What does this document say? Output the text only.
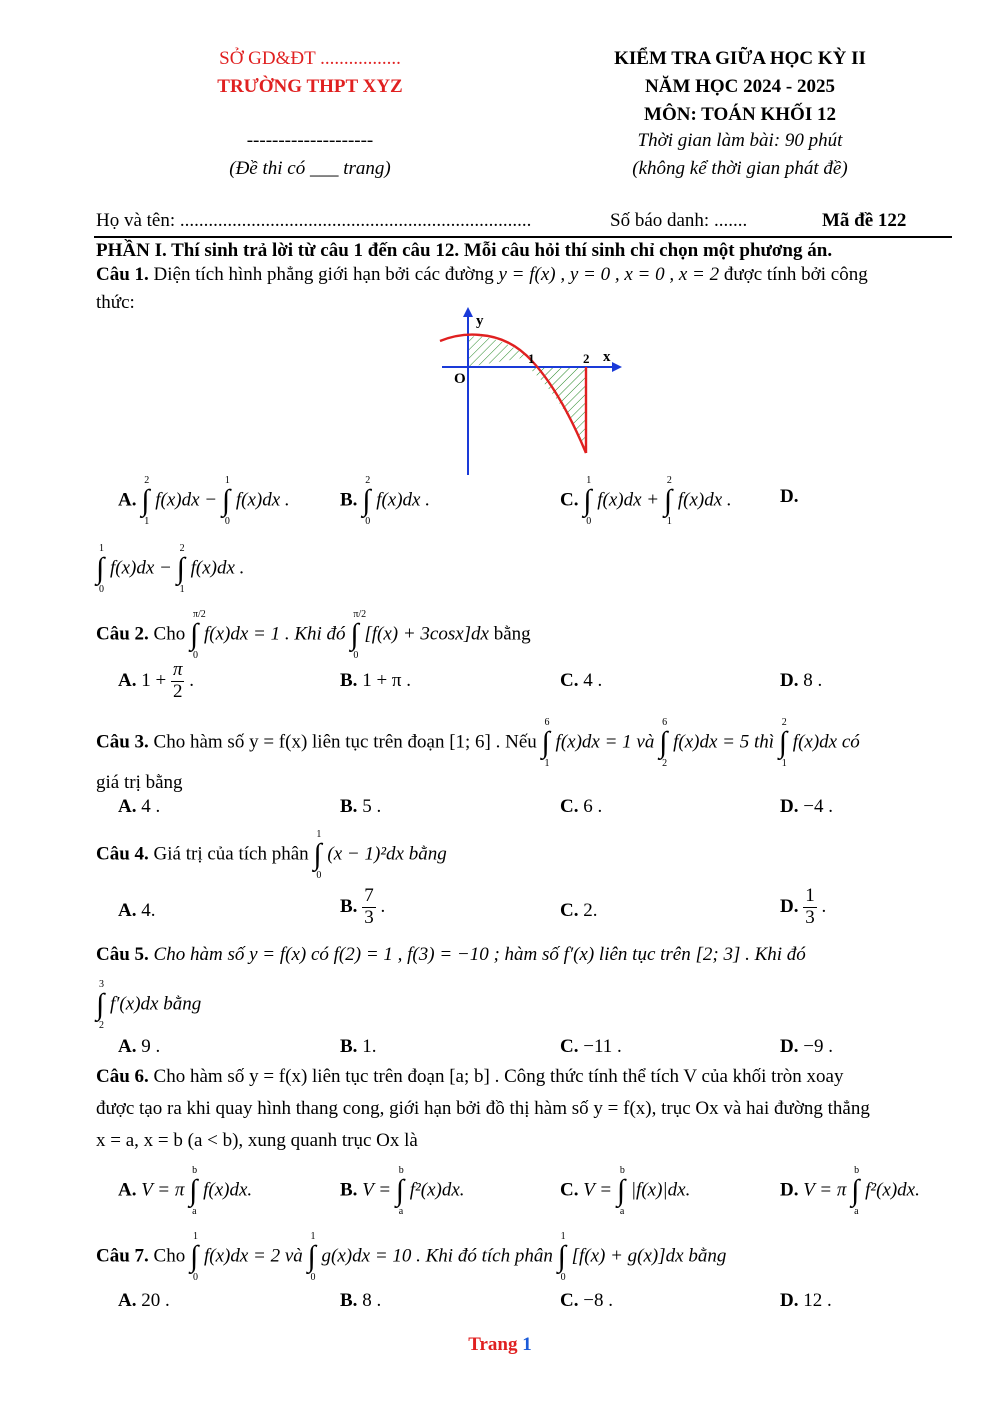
SỞ GD&ĐT .................
TRƯỜNG THPT XYZ
--------------------
(Đề thi có ___ trang)
KIỂM TRA GIỮA HỌC KỲ II
NĂM HỌC 2024 - 2025
MÔN: TOÁN KHỐI 12
Thời gian làm bài: 90 phút
(không kể thời gian phát đề)
Họ và tên: ..........................................................................	Số báo danh: .......	Mã đề 122
PHẦN I. Thí sinh trả lời từ câu 1 đến câu 12. Mỗi câu hỏi thí sinh chỉ chọn một phương án.
Câu 1. Diện tích hình phẳng giới hạn bởi các đường y = f(x) , y = 0 , x = 0 , x = 2 được tính bởi công
thức:
y
x
O
1	2
A.
2
∫
1
f(x)dx −
1
∫
0
f(x)dx .	B.
2
∫
0
f(x)dx .	C.
1
∫
0
f(x)dx +
2
∫
1
f(x)dx .	D.
1
∫
0
f(x)dx −
2
∫
1
f(x)dx .
Câu 2. Cho
π/2
∫
0
f(x)dx = 1 . Khi đó
π/2
∫
0
[f(x) + 3cosx]dx bằng
A. $1 + \frac{\pi}{2}$ .	B. 1 + π .	C. 4 .	D. 8 .
Câu 3. Cho hàm số y = f(x) liên tục trên đoạn [1; 6] . Nếu
6
∫
1
f(x)dx = 1 và
6
∫
2
f(x)dx = 5 thì
2
∫
1
f(x)dx có
giá trị bằng
A. 4 .	B. 5 .	C. 6 .	D. −4 .
Câu 4. Giá trị của tích phân
1
∫
0
(x − 1)²dx bằng
A. 4.	B. $\frac{7}{3}$ .	C. 2.	D. $\frac{1}{3}$ .
Câu 5. Cho hàm số y = f(x) có f(2) = 1 , f(3) = −10 ; hàm số f′(x) liên tục trên [2; 3] . Khi đó
3
∫
2
f′(x)dx bằng
A. 9 .	B. 1.	C. −11 .	D. −9 .
Câu 6. Cho hàm số y = f(x) liên tục trên đoạn [a; b] . Công thức tính thể tích V của khối tròn xoay
được tạo ra khi quay hình thang cong, giới hạn bởi đồ thị hàm số y = f(x), trục Ox và hai đường thẳng
x = a, x = b (a < b), xung quanh trục Ox là
A. V = π
b
∫
a
f(x)dx.	B. V =
b
∫
a
f²(x)dx.	C. V =
b
∫
a
|f(x)|dx.	D. V = π
b
∫
a
f²(x)dx.
Câu 7. Cho
1
∫
0
f(x)dx = 2 và
1
∫
0
g(x)dx = 10 . Khi đó tích phân
1
∫
0
[f(x) + g(x)]dx bằng
A. 20 .	B. 8 .	C. −8 .	D. 12 .
Trang 1
